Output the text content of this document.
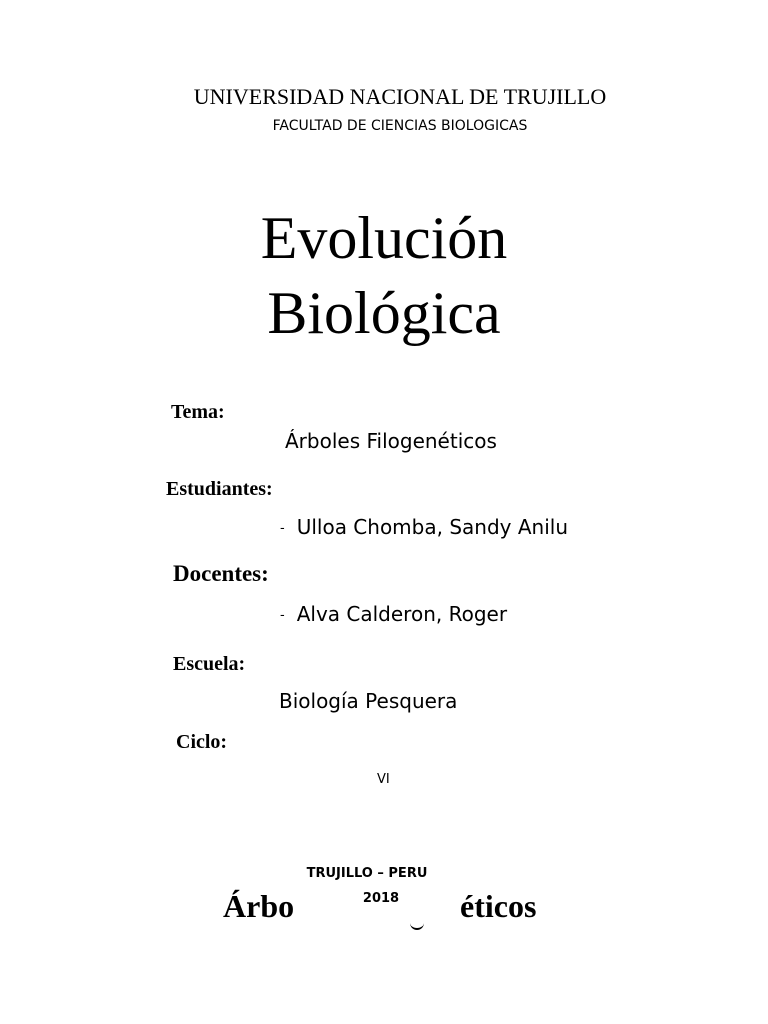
UNIVERSIDAD NACIONAL DE TRUJILLO
FACULTAD DE CIENCIAS BIOLOGICAS
Evolución
Biológica
Tema:
Árboles Filogenéticos
Estudiantes:
- Ulloa Chomba, Sandy Anilu
Docentes:
- Alva Calderon, Roger
Escuela:
Biología Pesquera
Ciclo:
VI
Árbo	éticos
TRUJILLO – PERU
2018
